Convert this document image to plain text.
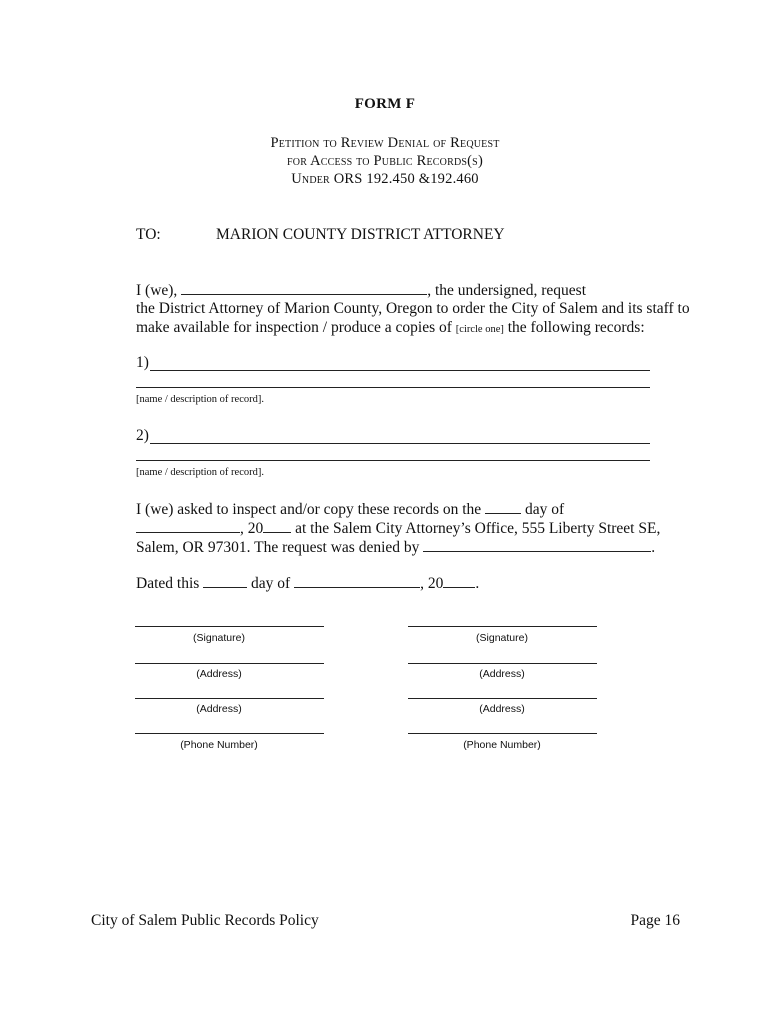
FORM F
Petition to Review Denial of Request
for Access to Public Records(s)
Under ORS 192.450 &192.460
TO:	MARION COUNTY DISTRICT ATTORNEY
I (we),	, the undersigned, request
the District Attorney of Marion County, Oregon to order the City of Salem and its staff to
make available for inspection / produce a copies of [circle one] the following records:
1)
[name / description of record].
2)
[name / description of record].
I (we) asked to inspect and/or copy these records on the	day of
, 20 at the Salem City Attorney’s Office, 555 Liberty Street SE,
Salem, OR 97301. The request was denied by	.
Dated this	day of	, 20 .
(Signature)
(Address)
(Address)
(Phone Number)
(Signature)
(Address)
(Address)
(Phone Number)
City of Salem Public Records Policy	Page 16
